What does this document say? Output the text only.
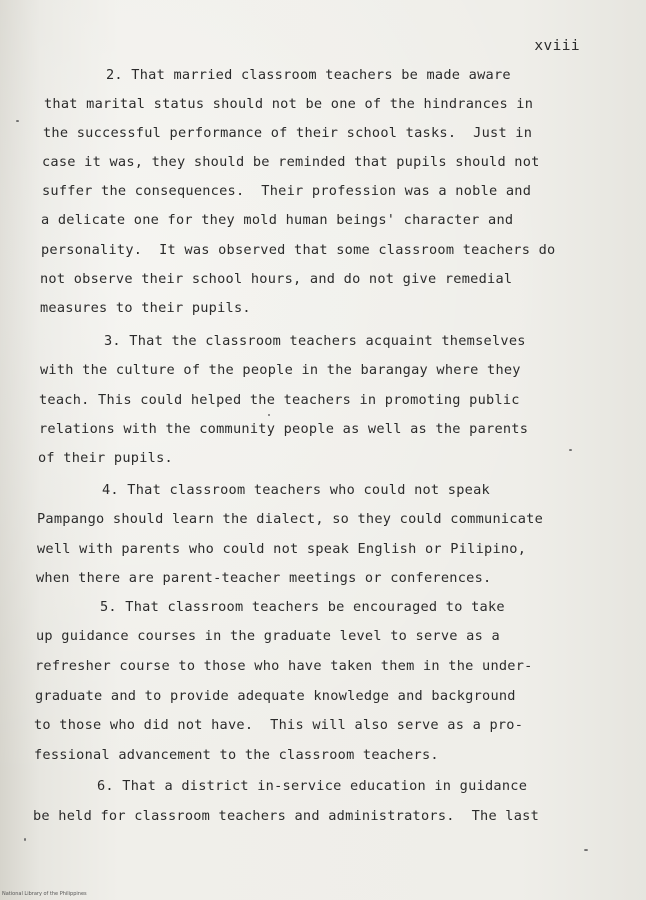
xviii
2. That married classroom teachers be made aware
that marital status should not be one of the hindrances in
the successful performance of their school tasks.  Just in
case it was, they should be reminded that pupils should not
suffer the consequences.  Their profession was a noble and
a delicate one for they mold human beings' character and
personality.  It was observed that some classroom teachers do
not observe their school hours, and do not give remedial
measures to their pupils.
3. That the classroom teachers acquaint themselves
with the culture of the people in the barangay where they
teach. This could helped the teachers in promoting public
relations with the community people as well as the parents
of their pupils.
4. That classroom teachers who could not speak
Pampango should learn the dialect, so they could communicate
well with parents who could not speak English or Pilipino,
when there are parent-teacher meetings or conferences.
5. That classroom teachers be encouraged to take
up guidance courses in the graduate level to serve as a
refresher course to those who have taken them in the under-
graduate and to provide adequate knowledge and background
to those who did not have.  This will also serve as a pro-
fessional advancement to the classroom teachers.
6. That a district in-service education in guidance
be held for classroom teachers and administrators.  The last
National Library of the Philippines
